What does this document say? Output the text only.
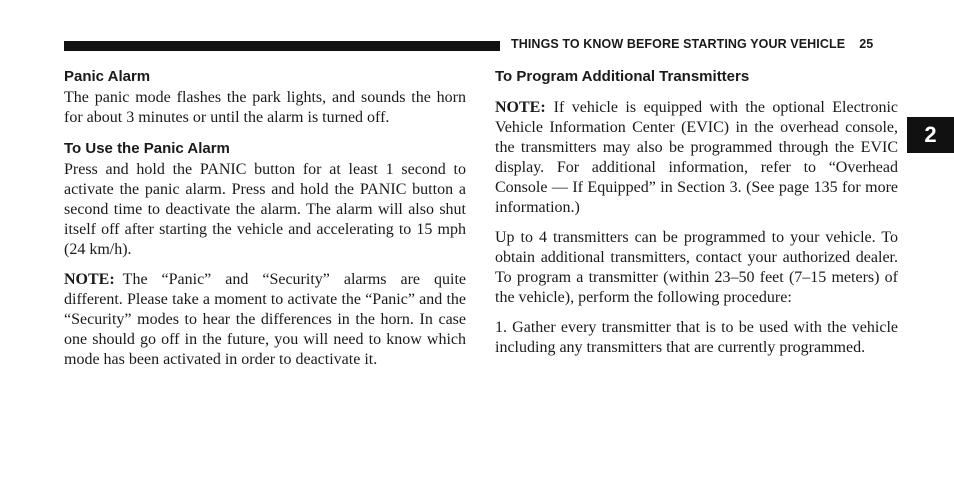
THINGS TO KNOW BEFORE STARTING YOUR VEHICLE 25
2
Panic Alarm

The panic mode flashes the park lights, and sounds the horn for about 3 minutes or until the alarm is turned off.

To Use the Panic Alarm

Press and hold the PANIC button for at least 1 second to activate the panic alarm. Press and hold the PANIC button a second time to deactivate the alarm. The alarm will also shut itself off after starting the vehicle and accelerating to 15 mph (24 km/h).

NOTE: The “Panic” and “Security” alarms are quite different. Please take a moment to activate the “Panic” and the “Security” modes to hear the differences in the horn. In case one should go off in the future, you will need to know which mode has been activated in order to deactivate it.

To Program Additional Transmitters

NOTE: If vehicle is equipped with the optional Electronic Vehicle Information Center (EVIC) in the overhead console, the transmitters may also be programmed through the EVIC display. For additional information, refer to “Overhead Console — If Equipped” in Section 3. (See page 135 for more information.)

Up to 4 transmitters can be programmed to your vehicle. To obtain additional transmitters, contact your authorized dealer. To program a transmitter (within 23–50 feet (7–15 meters) of the vehicle), perform the following procedure:

1. Gather every transmitter that is to be used with the vehicle including any transmitters that are currently programmed.
